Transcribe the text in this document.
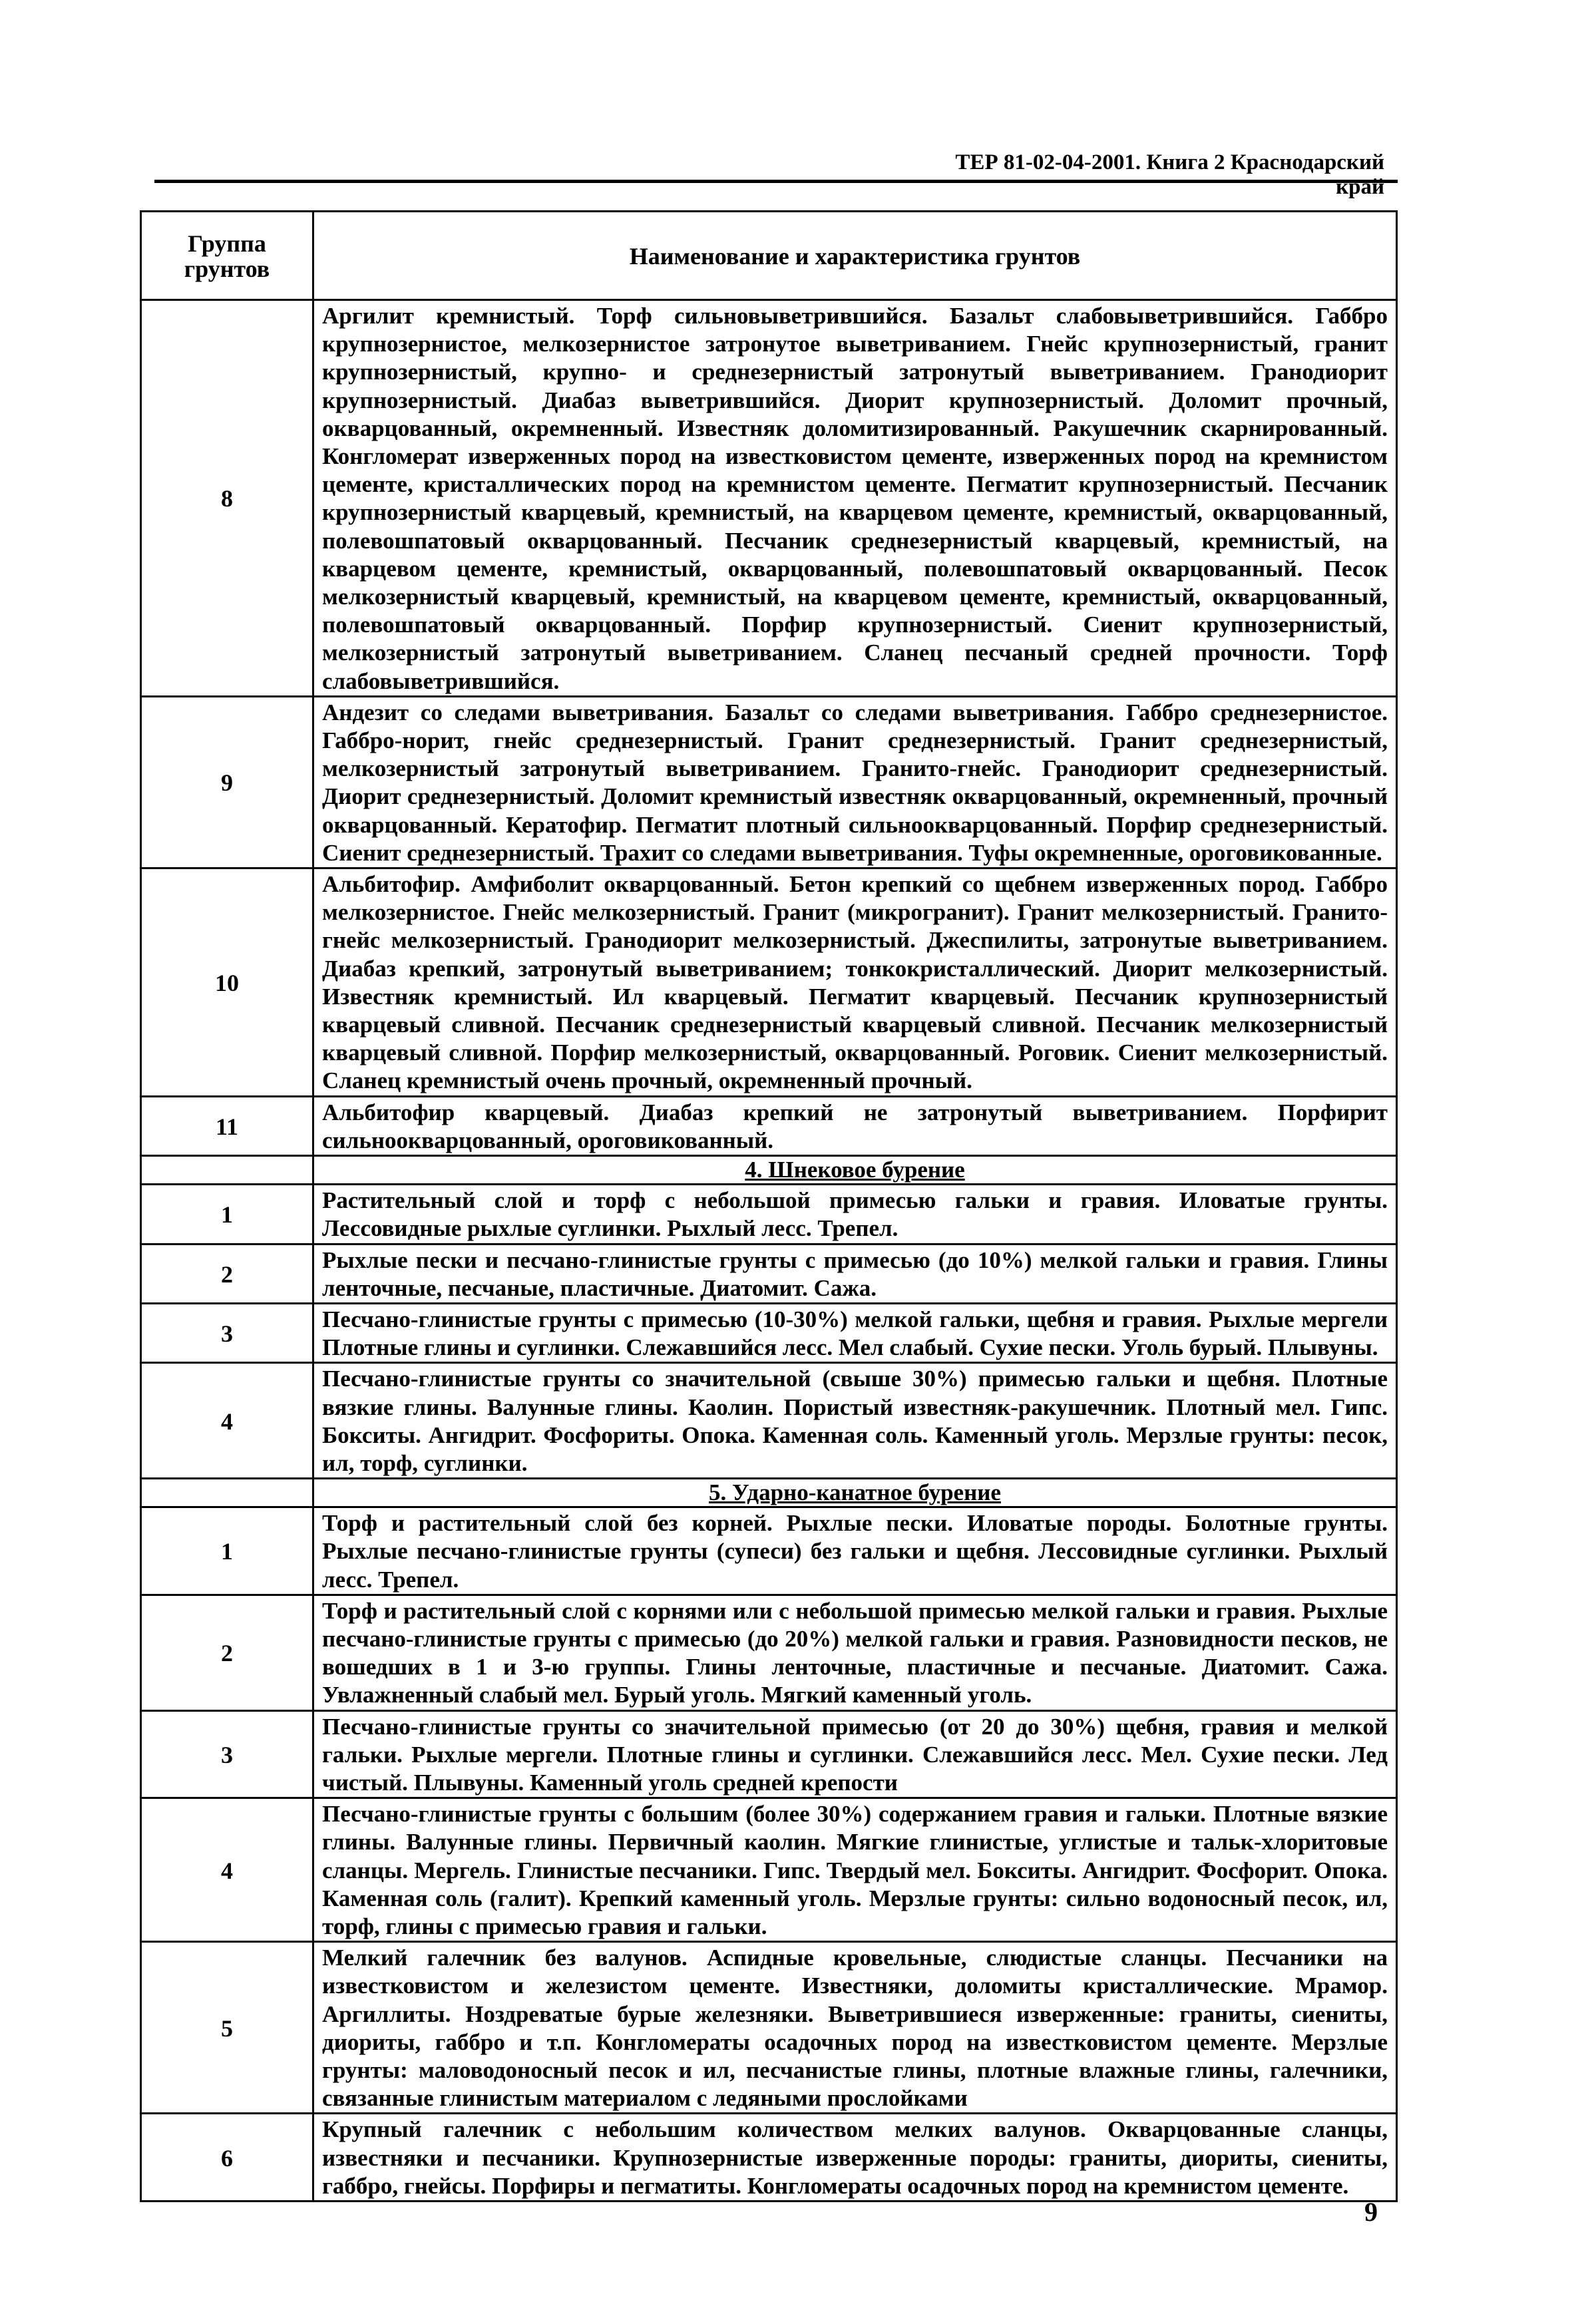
ТЕР 81-02-04-2001. Книга 2 Краснодарский край
Группа грунтов	Наименование и характеристика грунтов
8	Аргилит кремнистый. Торф сильновыветрившийся. Базальт слабовыветрившийся. Габбро крупнозернистое, мелкозернистое затронутое выветриванием. Гнейс крупнозернистый, гранит крупнозернистый, крупно- и среднезернистый затронутый выветриванием. Гранодиорит крупнозернистый. Диабаз выветрившийся. Диорит крупнозернистый. Доломит прочный, окварцованный, окремненный. Известняк доломитизированный. Ракушечник скарнированный. Конгломерат изверженных пород на известковистом цементе, изверженных пород на кремнистом цементе, кристаллических пород на кремнистом цементе. Пегматит крупнозернистый. Песчаник крупнозернистый кварцевый, кремнистый, на кварцевом цементе, кремнистый, окварцованный, полевошпатовый окварцованный. Песчаник среднезернистый кварцевый, кремнистый, на кварцевом цементе, кремнистый, окварцованный, полевошпатовый окварцованный. Песок мелкозернистый кварцевый, кремнистый, на кварцевом цементе, кремнистый, окварцованный, полевошпатовый окварцованный. Порфир крупнозернистый. Сиенит крупнозернистый, мелкозернистый затронутый выветриванием. Сланец песчаный средней прочности. Торф слабовыветрившийся.
9	Андезит со следами выветривания. Базальт со следами выветривания. Габбро среднезернистое. Габбро-норит, гнейс среднезернистый. Гранит среднезернистый. Гранит среднезернистый, мелкозернистый затронутый выветриванием. Гранито-гнейс. Гранодиорит среднезернистый. Диорит среднезернистый. Доломит кремнистый известняк окварцованный, окремненный, прочный окварцованный. Кератофир. Пегматит плотный сильноокварцованный. Порфир среднезернистый. Сиенит среднезернистый. Трахит со следами выветривания. Туфы окремненные, ороговикованные.
10	Альбитофир. Амфиболит окварцованный. Бетон крепкий со щебнем изверженных пород. Габбро мелкозернистое. Гнейс мелкозернистый. Гранит (микрогранит). Гранит мелкозернистый. Гранито-гнейс мелкозернистый. Гранодиорит мелкозернистый. Джеспилиты, затронутые выветриванием. Диабаз крепкий, затронутый выветриванием; тонкокристаллический. Диорит мелкозернистый. Известняк кремнистый. Ил кварцевый. Пегматит кварцевый. Песчаник крупнозернистый кварцевый сливной. Песчаник среднезернистый кварцевый сливной. Песчаник мелкозернистый кварцевый сливной. Порфир мелкозернистый, окварцованный. Роговик. Сиенит мелкозернистый. Сланец кремнистый очень прочный, окремненный прочный.
11	Альбитофир кварцевый. Диабаз крепкий не затронутый выветриванием. Порфирит сильноокварцованный, ороговикованный.
	4. Шнековое бурение
1	Растительный слой и торф с небольшой примесью гальки и гравия. Иловатые грунты. Лессовидные рыхлые суглинки. Рыхлый лесс. Трепел.
2	Рыхлые пески и песчано-глинистые грунты с примесью (до 10%) мелкой гальки и гравия. Глины ленточные, песчаные, пластичные. Диатомит. Сажа.
3	Песчано-глинистые грунты с примесью (10-30%) мелкой гальки, щебня и гравия. Рыхлые мергели Плотные глины и суглинки. Слежавшийся лесс. Мел слабый. Сухие пески. Уголь бурый. Плывуны.
4	Песчано-глинистые грунты со значительной (свыше 30%) примесью гальки и щебня. Плотные вязкие глины. Валунные глины. Каолин. Пористый известняк-ракушечник. Плотный мел. Гипс. Бокситы. Ангидрит. Фосфориты. Опока. Каменная соль. Каменный уголь. Мерзлые грунты: песок, ил, торф, суглинки.
	5. Ударно-канатное бурение
1	Торф и растительный слой без корней. Рыхлые пески. Иловатые породы. Болотные грунты. Рыхлые песчано-глинистые грунты (супеси) без гальки и щебня. Лессовидные суглинки. Рыхлый лесс. Трепел.
2	Торф и растительный слой с корнями или с небольшой примесью мелкой гальки и гравия. Рыхлые песчано-глинистые грунты с примесью (до 20%) мелкой гальки и гравия. Разновидности песков, не вошедших в 1 и 3-ю группы. Глины ленточные, пластичные и песчаные. Диатомит. Сажа. Увлажненный слабый мел. Бурый уголь. Мягкий каменный уголь.
3	Песчано-глинистые грунты со значительной примесью (от 20 до 30%) щебня, гравия и мелкой гальки. Рыхлые мергели. Плотные глины и суглинки. Слежавшийся лесс. Мел. Сухие пески. Лед чистый. Плывуны. Каменный уголь средней крепости
4	Песчано-глинистые грунты с большим (более 30%) содержанием гравия и гальки. Плотные вязкие глины. Валунные глины. Первичный каолин. Мягкие глинистые, углистые и тальк-хлоритовые сланцы. Мергель. Глинистые песчаники. Гипс. Твердый мел. Бокситы. Ангидрит. Фосфорит. Опока. Каменная соль (галит). Крепкий каменный уголь. Мерзлые грунты: сильно водоносный песок, ил, торф, глины с примесью гравия и гальки.
5	Мелкий галечник без валунов. Аспидные кровельные, слюдистые сланцы. Песчаники на известковистом и железистом цементе. Известняки, доломиты кристаллические. Мрамор. Аргиллиты. Ноздреватые бурые железняки. Выветрившиеся изверженные: граниты, сиениты, диориты, габбро и т.п. Конгломераты осадочных пород на известковистом цементе. Мерзлые грунты: маловодоносный песок и ил, песчанистые глины, плотные влажные глины, галечники, связанные глинистым материалом с ледяными прослойками
6	Крупный галечник с небольшим количеством мелких валунов. Окварцованные сланцы, известняки и песчаники. Крупнозернистые изверженные породы: граниты, диориты, сиениты, габбро, гнейсы. Порфиры и пегматиты. Конгломераты осадочных пород на кремнистом цементе.
9
